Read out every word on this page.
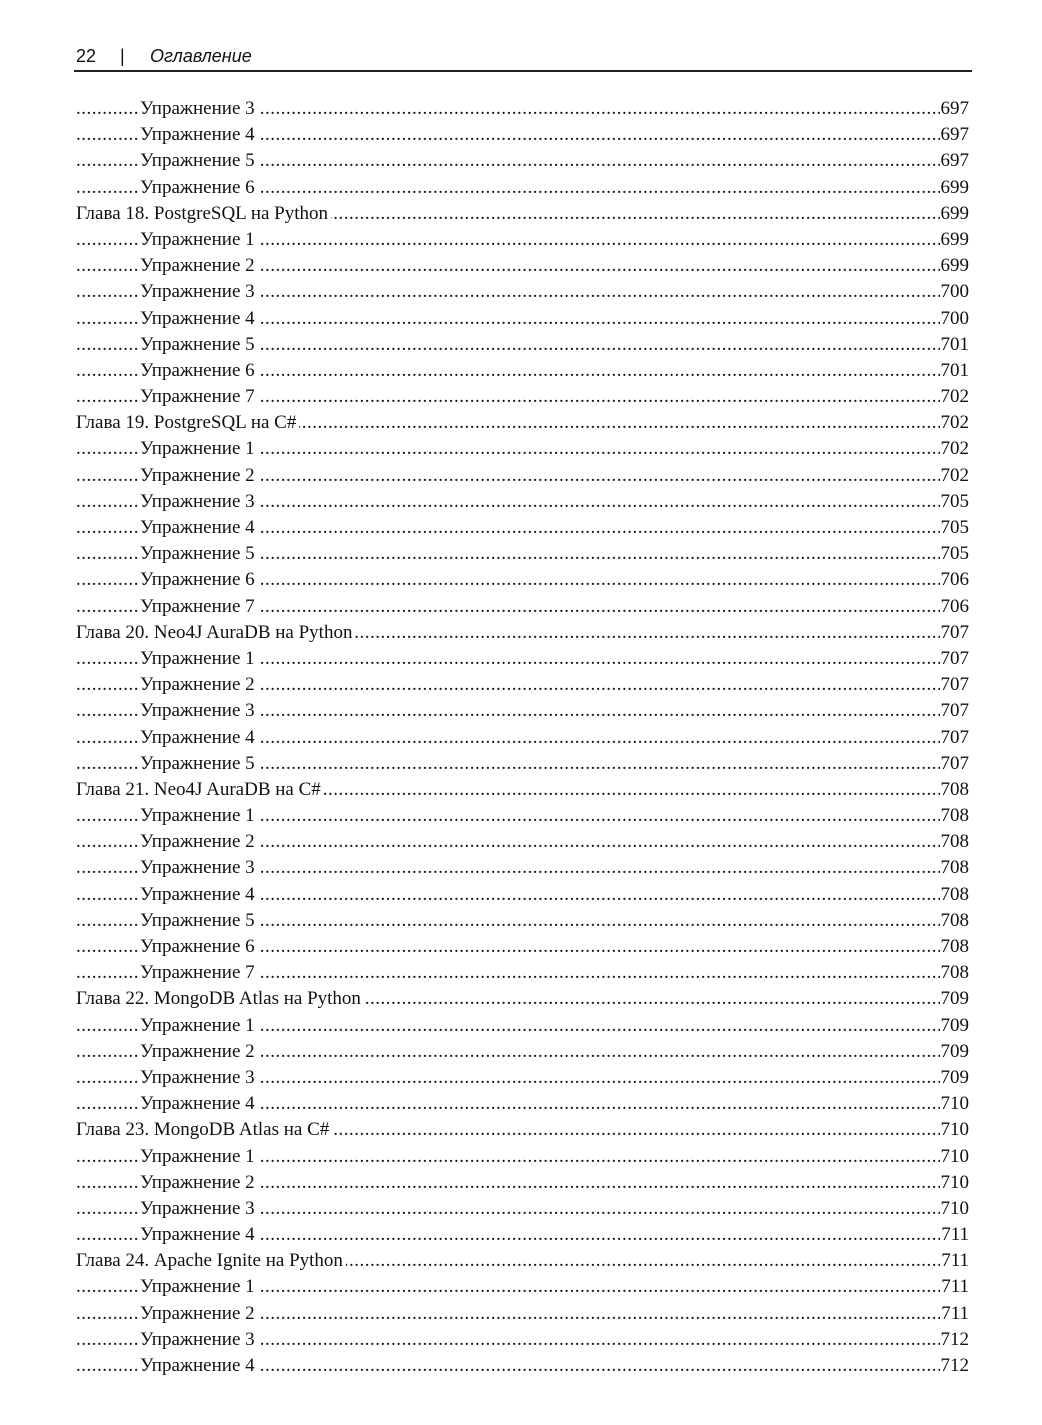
22 | Оглавление
Упражнение 3	697
.....
Упражнение 4	697
.....
Упражнение 5	697
.....
Упражнение 6	699
.....
Глава 18. PostgreSQL на Python	699
.....
Упражнение 1	699
.....
Упражнение 2	699
.....
Упражнение 3	700
.....
Упражнение 4	700
.....
Упражнение 5	701
.....
Упражнение 6	701
.....
Упражнение 7	702
.....
Глава 19. PostgreSQL на C#	702
.....
Упражнение 1	702
.....
Упражнение 2	702
.....
Упражнение 3	705
.....
Упражнение 4	705
.....
Упражнение 5	705
.....
Упражнение 6	706
.....
Упражнение 7	706
.....
Глава 20. Neo4J AuraDB на Python	707
.....
Упражнение 1	707
.....
Упражнение 2	707
.....
Упражнение 3	707
.....
Упражнение 4	707
.....
Упражнение 5	707
.....
Глава 21. Neo4J AuraDB на C#	708
.....
Упражнение 1	708
.....
Упражнение 2	708
.....
Упражнение 3	708
.....
Упражнение 4	708
.....
Упражнение 5	708
.....
Упражнение 6	708
.....
Упражнение 7	708
.....
Глава 22. MongoDB Atlas на Python	709
.....
Упражнение 1	709
.....
Упражнение 2	709
.....
Упражнение 3	709
.....
Упражнение 4	710
.....
Глава 23. MongoDB Atlas на C#	710
.....
Упражнение 1	710
.....
Упражнение 2	710
.....
Упражнение 3	710
.....
Упражнение 4	711
.....
Глава 24. Apache Ignite на Python	711
.....
Упражнение 1	711
.....
Упражнение 2	711
.....
Упражнение 3	712
.....
Упражнение 4	712
.....
